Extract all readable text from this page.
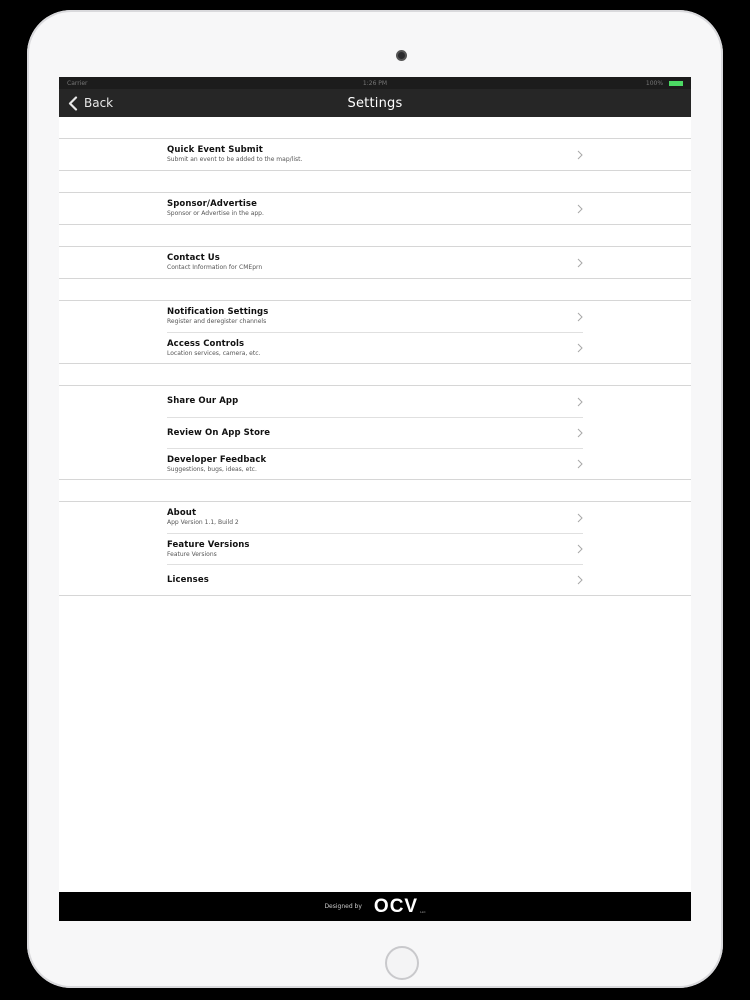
Carrier	1:26 PM	100%
Back	Settings
Quick Event Submit
Submit an event to be added to the map/list.
Sponsor/Advertise
Sponsor or Advertise in the app.
Contact Us
Contact Information for CMEprn
Notification Settings
Register and deregister channels
Access Controls
Location services, camera, etc.
Share Our App
Review On App Store
Developer Feedback
Suggestions, bugs, ideas, etc.
About
App Version 1.1, Build 2
Feature Versions
Feature Versions
Licenses
Designed by OCV LLC
